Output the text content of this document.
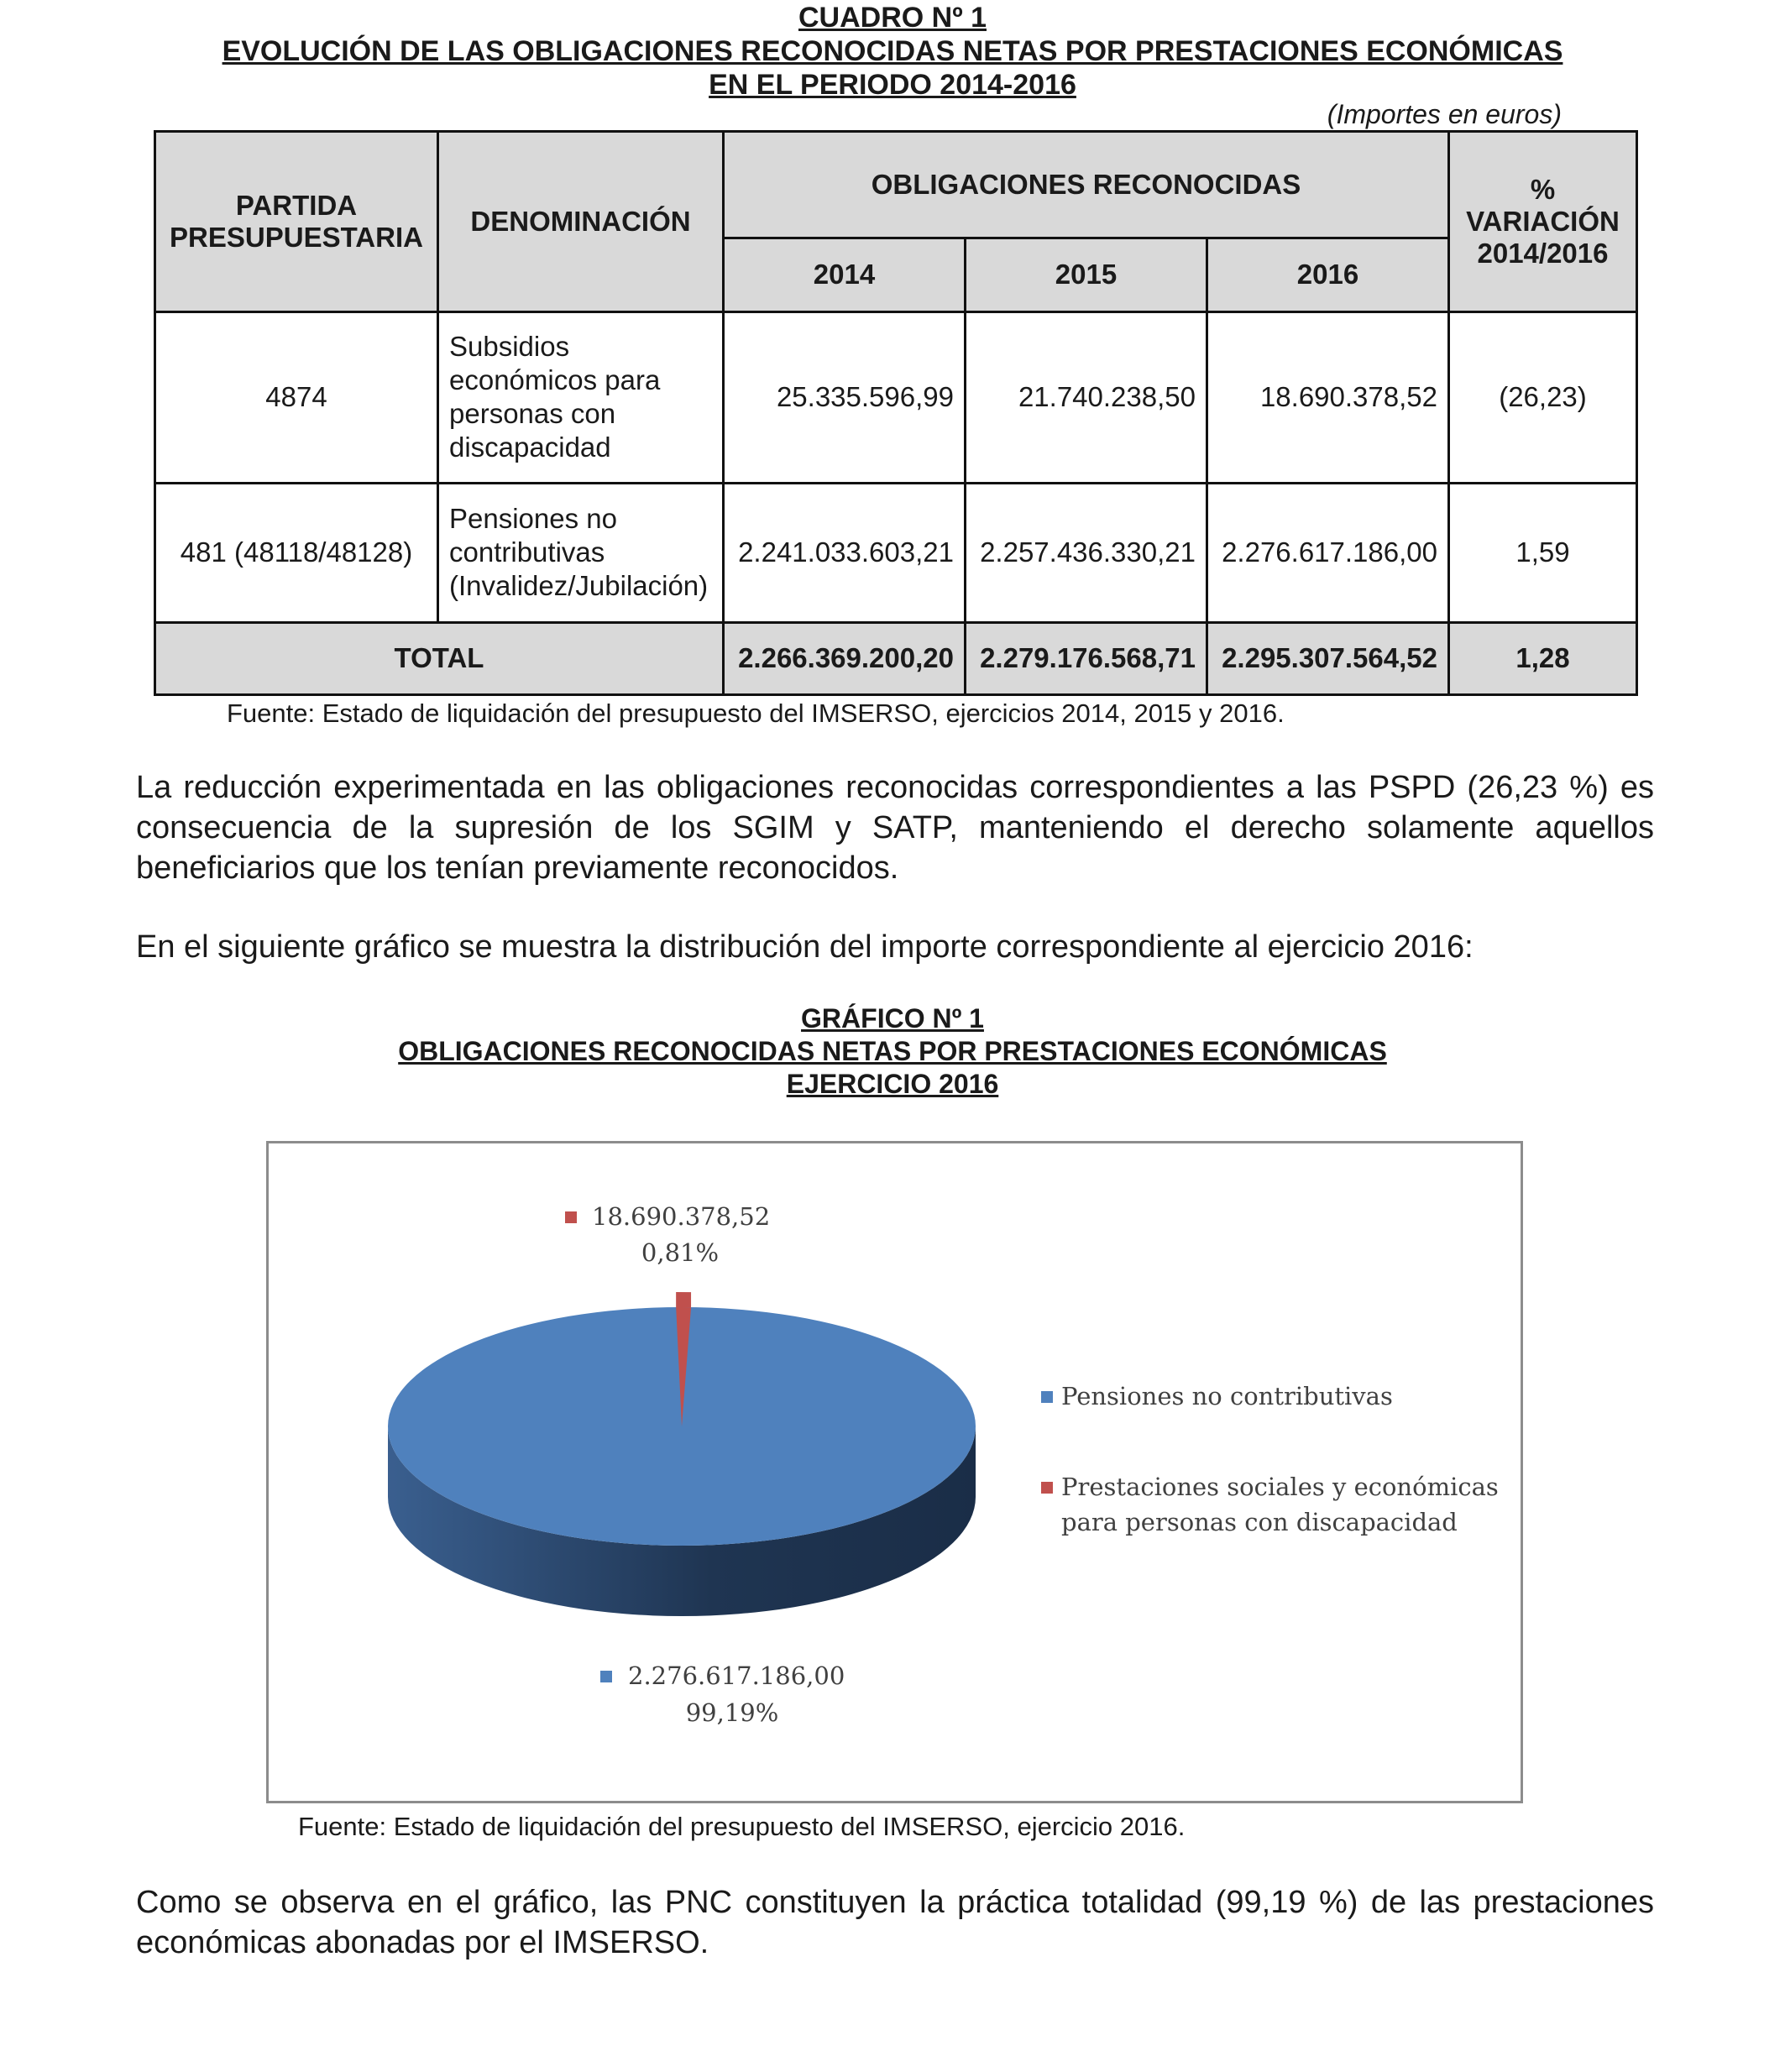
CUADRO Nº 1
EVOLUCIÓN DE LAS OBLIGACIONES RECONOCIDAS NETAS POR PRESTACIONES ECONÓMICAS
EN EL PERIODO 2014-2016
(Importes en euros)
PARTIDA PRESUPUESTARIA	DENOMINACIÓN	OBLIGACIONES RECONOCIDAS			% VARIACIÓN 2014/2016
		2014	2015	2016	
4874	Subsidios económicos para personas con discapacidad	25.335.596,99	21.740.238,50	18.690.378,52	(26,23)
481 (48118/48128)	Pensiones no contributivas (Invalidez/Jubilación)	2.241.033.603,21	2.257.436.330,21	2.276.617.186,00	1,59
TOTAL		2.266.369.200,20	2.279.176.568,71	2.295.307.564,52	1,28
Fuente: Estado de liquidación del presupuesto del IMSERSO, ejercicios 2014, 2015 y 2016.
La reducción experimentada en las obligaciones reconocidas correspondientes a las PSPD (26,23 %) es consecuencia de la supresión de los SGIM y SATP, manteniendo el derecho solamente aquellos beneficiarios que los tenían previamente reconocidos.
En el siguiente gráfico se muestra la distribución del importe correspondiente al ejercicio 2016:
GRÁFICO Nº 1
OBLIGACIONES RECONOCIDAS NETAS POR PRESTACIONES ECONÓMICAS
EJERCICIO 2016
18.690.378,52
0,81%
2.276.617.186,00
99,19%
Pensiones no contributivas
Prestaciones sociales y económicas
para personas con discapacidad
Fuente: Estado de liquidación del presupuesto del IMSERSO, ejercicio 2016.
Como se observa en el gráfico, las PNC constituyen la práctica totalidad (99,19 %) de las prestaciones económicas abonadas por el IMSERSO.
